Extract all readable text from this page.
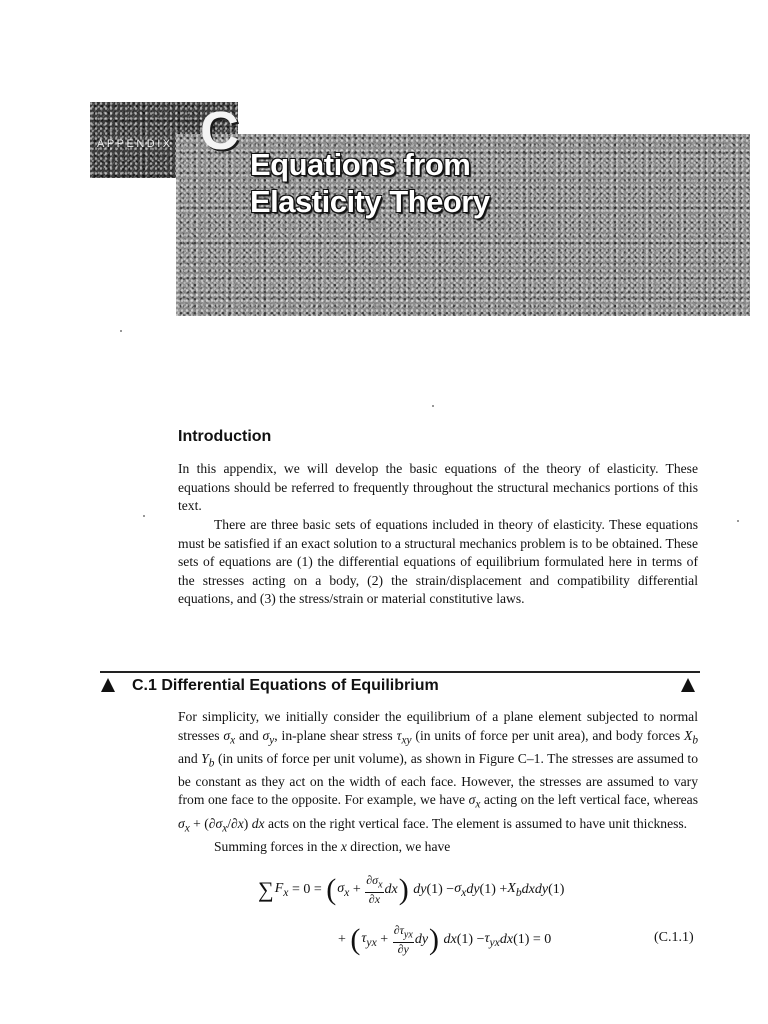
APPENDIX C
Equations from
Elasticity Theory
Introduction

In this appendix, we will develop the basic equations of the theory of elasticity. These equations should be referred to frequently throughout the structural mechanics portions of this text.

There are three basic sets of equations included in theory of elasticity. These equations must be satisfied if an exact solution to a structural mechanics problem is to be obtained. These sets of equations are (1) the differential equations of equilibrium formulated here in terms of the stresses acting on a body, (2) the strain/displacement and compatibility differential equations, and (3) the stress/strain or material constitutive laws.

C.1 Differential Equations of Equilibrium

For simplicity, we initially consider the equilibrium of a plane element subjected to normal stresses $\sigma_x$ and $\sigma_y$, in-plane shear stress $\tau_{xy}$ (in units of force per unit area), and body forces $X_b$ and $Y_b$ (in units of force per unit volume), as shown in Figure C–1. The stresses are assumed to be constant as they act on the width of each face. However, the stresses are assumed to vary from one face to the opposite. For example, we have $\sigma_x$ acting on the left vertical face, whereas $\sigma_x + (\partial\sigma_x/\partial x)$ dx acts on the right vertical face. The element is assumed to have unit thickness.

Summing forces in the x direction, we have

∑ $F_x = 0$ = ( $\sigma_x + \frac{\partial\sigma_x}{\partial x}$ dx )
dy $(1) - \sigma_x$ dy $(1) + X_b$ dx dy (1)
+ ( $\tau_{yx} + \frac{\partial\tau_{yx}}{\partial y}$ dy )
dx $(1) - \tau_{yx}$ dx (1) = 0	(C.1.1)
